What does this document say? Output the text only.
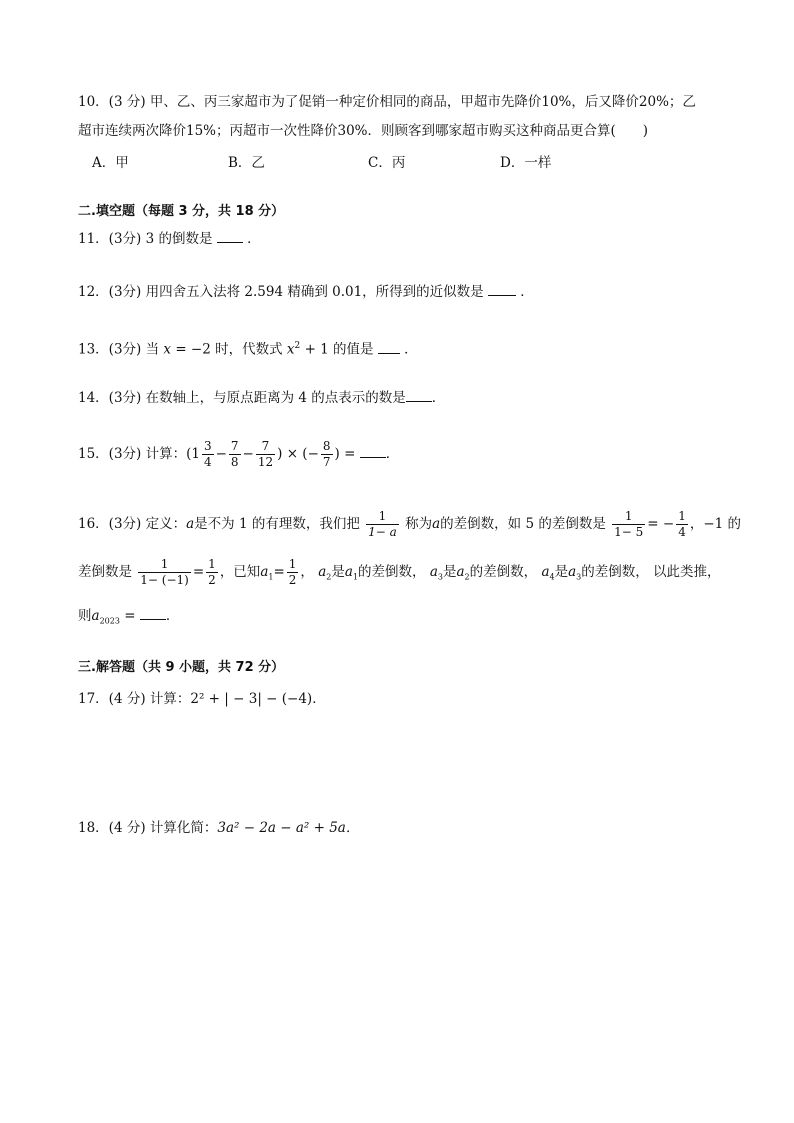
10．(3 分) 甲、乙、丙三家超市为了促销一种定价相同的商品，甲超市先降价10%，后又降价20%；乙
超市连续两次降价15%；丙超市一次性降价30%．则顾客到哪家超市购买这种商品更合算(　　)
A．甲	B．乙	C．丙	D．一样
二.填空题（每题 3 分，共 18 分）
11．(3分) 3 的倒数是	．
12．(3分) 用四舍五入法将 2.594 精确到 0.01，所得到的近似数是	．
13．(3分) 当 x = −2 时，代数式 $x^2 + 1$ 的值是 ．
14．(3分) 在数轴上，与原点距离为 4 的点表示的数是 ．
15．(3分) 计算：($1 \frac{3}{4} - \frac{7}{8} - \frac{7}{12}$ ) × (− $\frac{8}{7}$ ) = ．
16．(3分) 定义：a是不为 1 的有理数，我们把 $\frac{1}{1- a}$ 称为a的差倒数，如 5 的差倒数是 $\frac{1}{1- 5}$ = − $\frac{1}{4}$ ，−1 的
差倒数是 $\frac{1}{1- (-1)} = \frac{1}{2}$ ，已知$a_1= \frac{1}{2}$ ， $a_2$是$a_1$的差倒数， $a_3$是$a_2$的差倒数， $a_4$是$a_3$的差倒数， 以此类推，
则$a_{2023}$ = ．
三.解答题（共 9 小题，共 72 分）
17．(4 分) 计算：2² + | − 3| − (−4)．
18．(4 分) 计算化简：3a² − 2a − a² + 5a．
